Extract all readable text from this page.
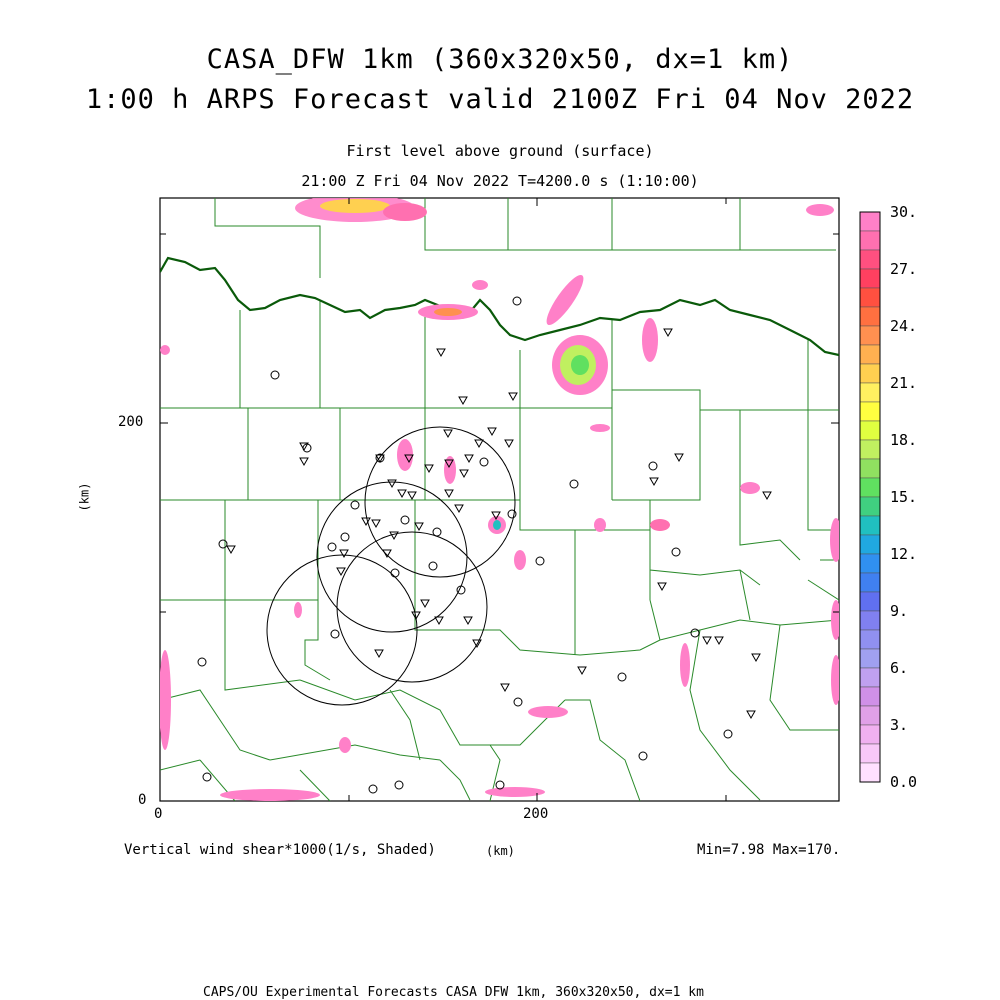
CASA_DFW 1km (360x320x50, dx=1 km)
1:00 h ARPS Forecast valid 2100Z Fri 04 Nov 2022
First level above ground (surface)
21:00 Z Fri 04 Nov 2022 T=4200.0 s (1:10:00)
200
0
0	200
(km)
Vertical wind shear*1000(1/s, Shaded)	(km)	Min=7.98 Max=170.
CAPS/OU Experimental Forecasts CASA DFW 1km, 360x320x50, dx=1 km
30.
27.
24.
21.
18.
15.
12.
9.
6.
3.
0.0
